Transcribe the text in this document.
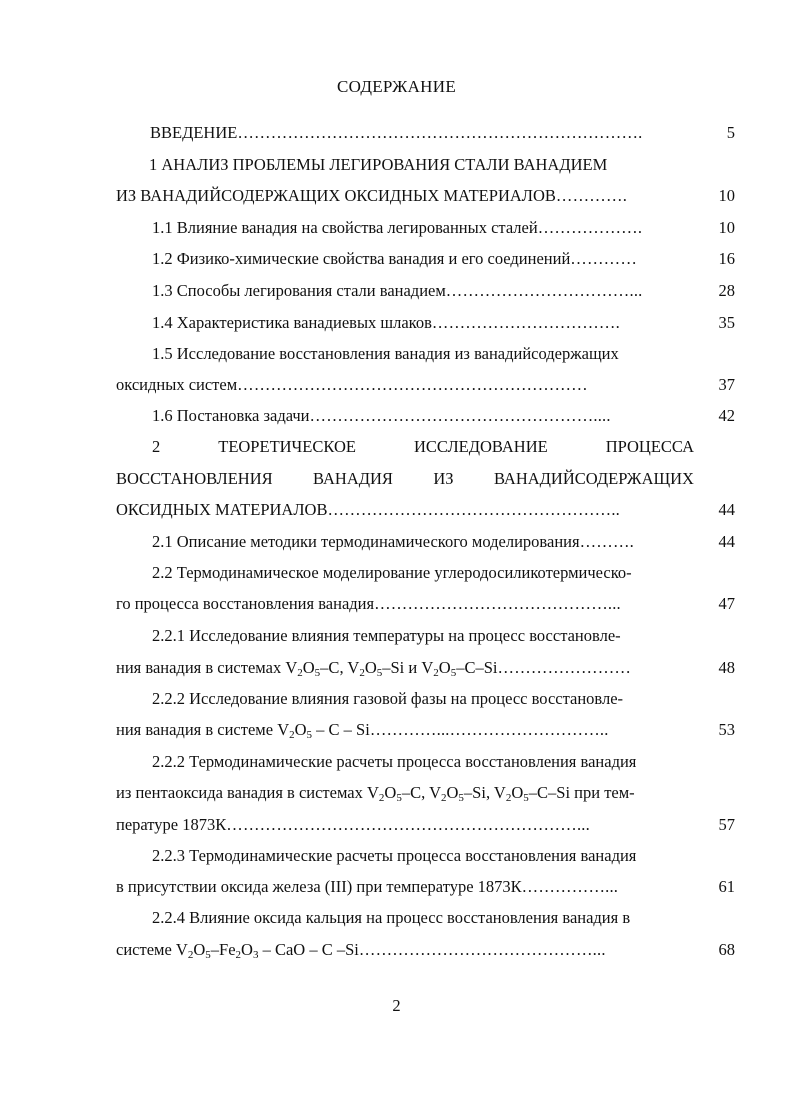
СОДЕРЖАНИЕ
ВВЕДЕНИЕ……………………………………………………………….	5
1 АНАЛИЗ ПРОБЛЕМЫ ЛЕГИРОВАНИЯ СТАЛИ ВАНАДИЕМ
ИЗ ВАНАДИЙСОДЕРЖАЩИХ ОКСИДНЫХ МАТЕРИАЛОВ………….	10
1.1 Влияние ванадия на свойства легированных сталей……………….	10
1.2 Физико-химические свойства ванадия и его соединений…………	16
1.3 Способы легирования стали ванадием……………………………...	28
1.4 Характеристика ванадиевых шлаков…………………………….	35
1.5 Исследование восстановления ванадия из ванадийсодержащих
оксидных систем………………………………………………………	37
1.6 Постановка задачи……………………………………………....	42
2	ТЕОРЕТИЧЕСКОЕ	ИССЛЕДОВАНИЕ	ПРОЦЕССА
ВОССТАНОВЛЕНИЯ ВАНАДИЯ ИЗ ВАНАДИЙСОДЕРЖАЩИХ
ОКСИДНЫХ МАТЕРИАЛОВ……………………………………………..	44
2.1 Описание методики термодинамического моделирования……….	44
2.2 Термодинамическое моделирование углеродосиликотермическо-
го процесса восстановления ванадия……………………………………...	47
2.2.1 Исследование влияния температуры на процесс восстановле-
ния ванадия в системах $V_2O_5-C$, $V_2O_5-Si$ и $V_2O_5-C-Si\dots\dots\dots\dots\dots\dots\dots\dots$	48
2.2.2 Исследование влияния газовой фазы на процесс восстановле-
ния ванадия в системе $V_2O_5$ – C – Si…………...………………………..	53
2.2.2 Термодинамические расчеты процесса восстановления ванадия
из пентаоксида ванадия в системах $V_2O_5-C$, $V_2O_5-Si$, $V_2O_5-C-Si$ при тем-
пературе 1873К………………………………………………………...	57
2.2.3 Термодинамические расчеты процесса восстановления ванадия
в присутствии оксида железа (III) при температуре 1873К……………...	61
2.2.4 Влияние оксида кальция на процесс восстановления ванадия в
системе $V_2O_5-Fe_2O_3$ – CaO – C –Si……………………………………...	68
2
